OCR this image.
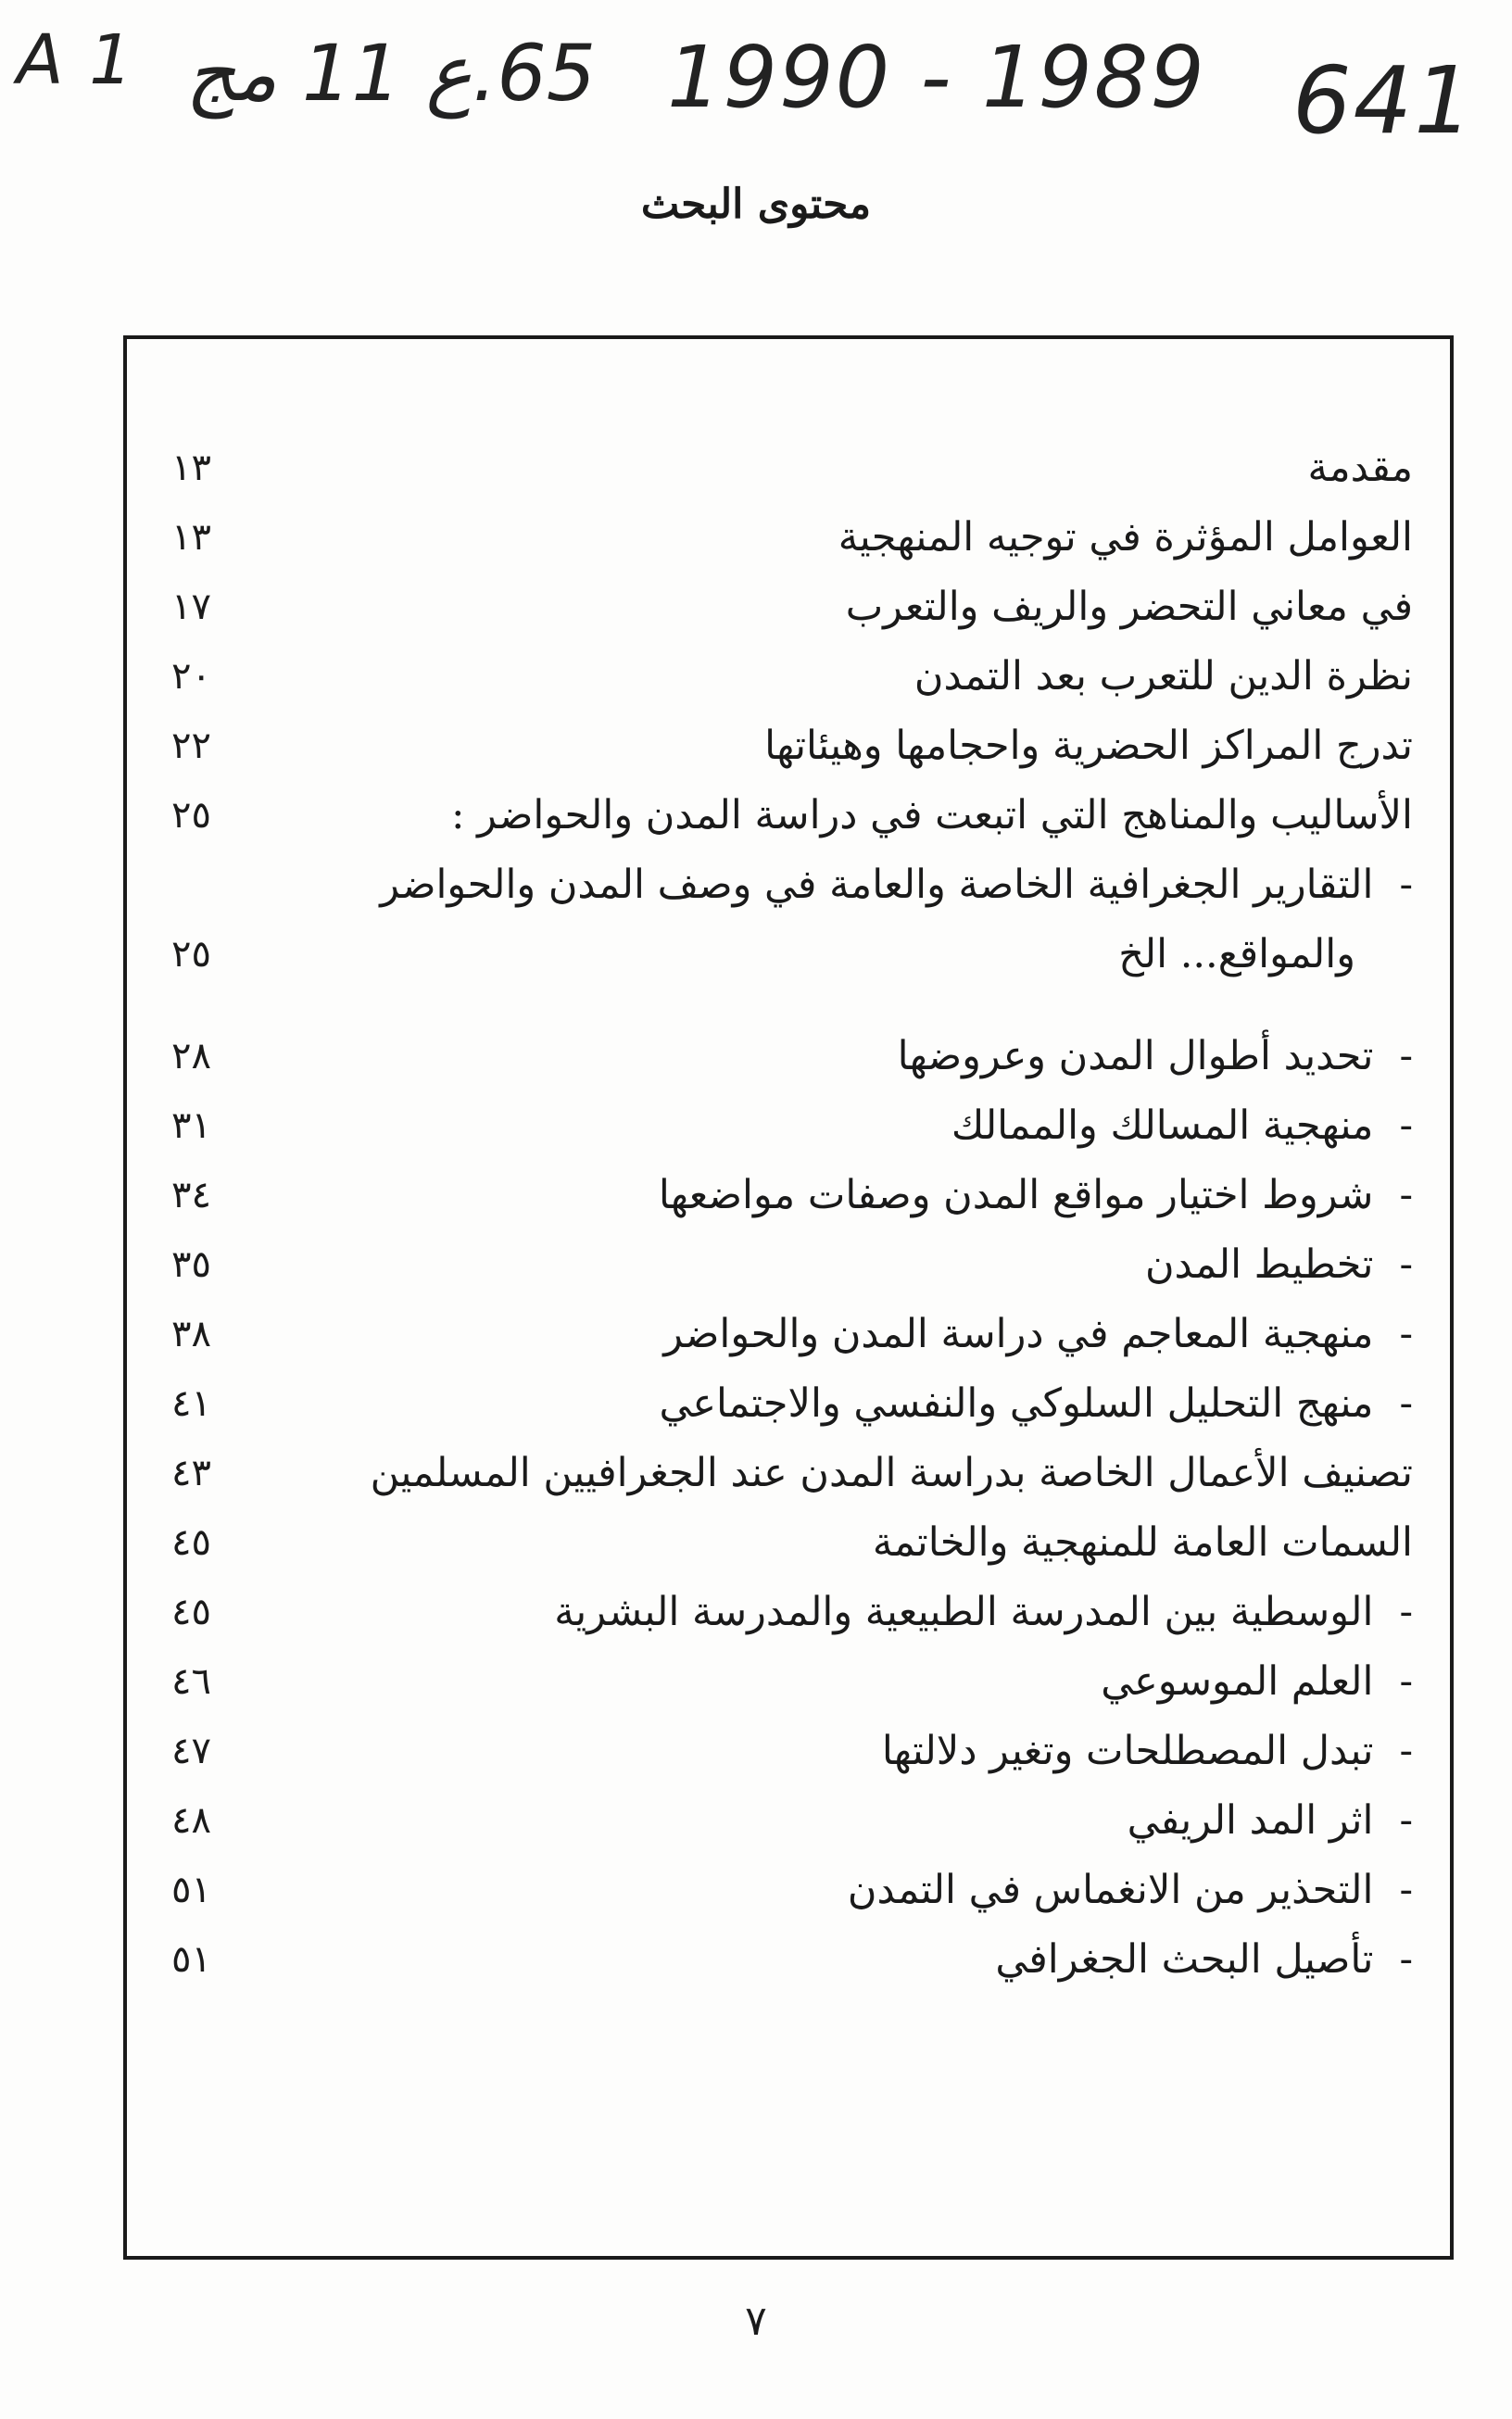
A 1 65.ع 11 مج 1990 - 1989 641
محتوى البحث
مقدمة
١٣
العوامل المؤثرة في توجيه المنهجية
١٣
في معاني التحضر والريف والتعرب
١٧
نظرة الدين للتعرب بعد التمدن
٢٠
تدرج المراكز الحضرية واحجامها وهيئاتها
٢٢
الأساليب والمناهج التي اتبعت في دراسة المدن والحواضر :
٢٥
-التقارير الجغرافية الخاصة والعامة في وصف المدن والحواضر
والمواقع... الخ
٢٥
-تحديد أطوال المدن وعروضها
٢٨
-منهجية المسالك والممالك
٣١
-شروط اختيار مواقع المدن وصفات مواضعها
٣٤
-تخطيط المدن
٣٥
-منهجية المعاجم في دراسة المدن والحواضر
٣٨
-منهج التحليل السلوكي والنفسي والاجتماعي
٤١
تصنيف الأعمال الخاصة بدراسة المدن عند الجغرافيين المسلمين
٤٣
السمات العامة للمنهجية والخاتمة
٤٥
-الوسطية بين المدرسة الطبيعية والمدرسة البشرية
٤٥
-العلم الموسوعي
٤٦
-تبدل المصطلحات وتغير دلالتها
٤٧
-اثر المد الريفي
٤٨
-التحذير من الانغماس في التمدن
٥١
-تأصيل البحث الجغرافي
٥١
٧
